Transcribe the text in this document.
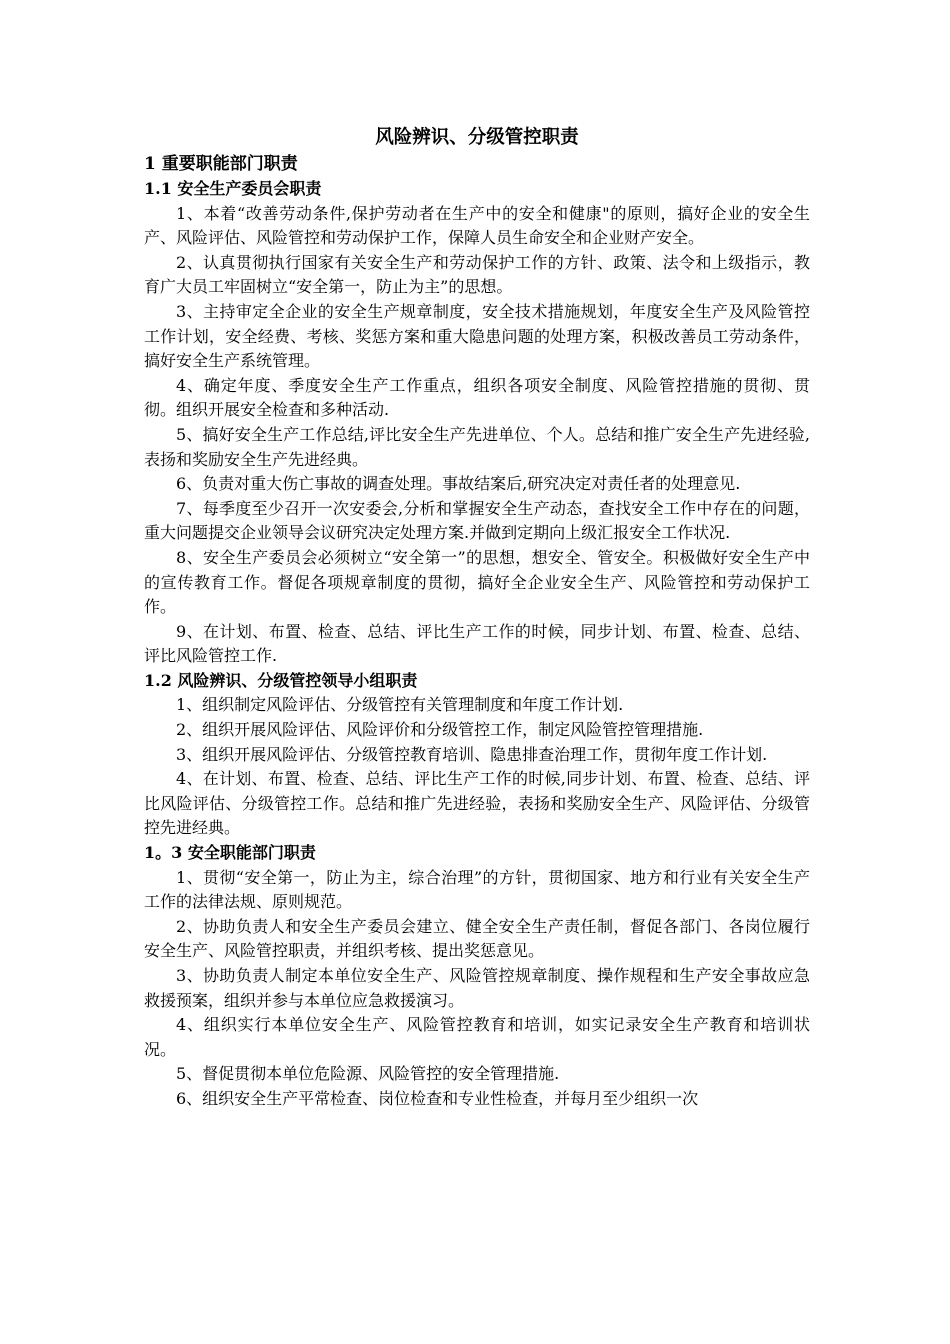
风险辨识、分级管控职责

1 重要职能部门职责

1.1 安全生产委员会职责

1、本着“改善劳动条件,保护劳动者在生产中的安全和健康"的原则，搞好企业的安全生产、风险评估、风险管控和劳动保护工作，保障人员生命安全和企业财产安全。

2、认真贯彻执行国家有关安全生产和劳动保护工作的方针、政策、法令和上级指示，教育广大员工牢固树立“安全第一，防止为主”的思想。

3、主持审定全企业的安全生产规章制度，安全技术措施规划，年度安全生产及风险管控工作计划，安全经费、考核、奖惩方案和重大隐患问题的处理方案，积极改善员工劳动条件，搞好安全生产系统管理。

4、确定年度、季度安全生产工作重点，组织各项安全制度、风险管控措施的贯彻、贯彻。组织开展安全检查和多种活动.

5、搞好安全生产工作总结,评比安全生产先进单位、个人。总结和推广安全生产先进经验,表扬和奖励安全生产先进经典。

6、负责对重大伤亡事故的调查处理。事故结案后,研究决定对责任者的处理意见.

7、每季度至少召开一次安委会,分析和掌握安全生产动态，查找安全工作中存在的问题，重大问题提交企业领导会议研究决定处理方案.并做到定期向上级汇报安全工作状况.

8、安全生产委员会必须树立“安全第一”的思想，想安全、管安全。积极做好安全生产中的宣传教育工作。督促各项规章制度的贯彻，搞好全企业安全生产、风险管控和劳动保护工作。

9、在计划、布置、检查、总结、评比生产工作的时候，同步计划、布置、检查、总结、评比风险管控工作.

1.2 风险辨识、分级管控领导小组职责

1、组织制定风险评估、分级管控有关管理制度和年度工作计划.

2、组织开展风险评估、风险评价和分级管控工作，制定风险管控管理措施.

3、组织开展风险评估、分级管控教育培训、隐患排查治理工作，贯彻年度工作计划.

4、在计划、布置、检查、总结、评比生产工作的时候,同步计划、布置、检查、总结、评比风险评估、分级管控工作。总结和推广先进经验，表扬和奖励安全生产、风险评估、分级管控先进经典。

1。3 安全职能部门职责

1、贯彻“安全第一，防止为主，综合治理”的方针，贯彻国家、地方和行业有关安全生产工作的法律法规、原则规范。

2、协助负责人和安全生产委员会建立、健全安全生产责任制，督促各部门、各岗位履行安全生产、风险管控职责，并组织考核、提出奖惩意见。

3、协助负责人制定本单位安全生产、风险管控规章制度、操作规程和生产安全事故应急救援预案，组织并参与本单位应急救援演习。

4、组织实行本单位安全生产、风险管控教育和培训，如实记录安全生产教育和培训状况。

5、督促贯彻本单位危险源、风险管控的安全管理措施.

6、组织安全生产平常检查、岗位检查和专业性检查，并每月至少组织一次
